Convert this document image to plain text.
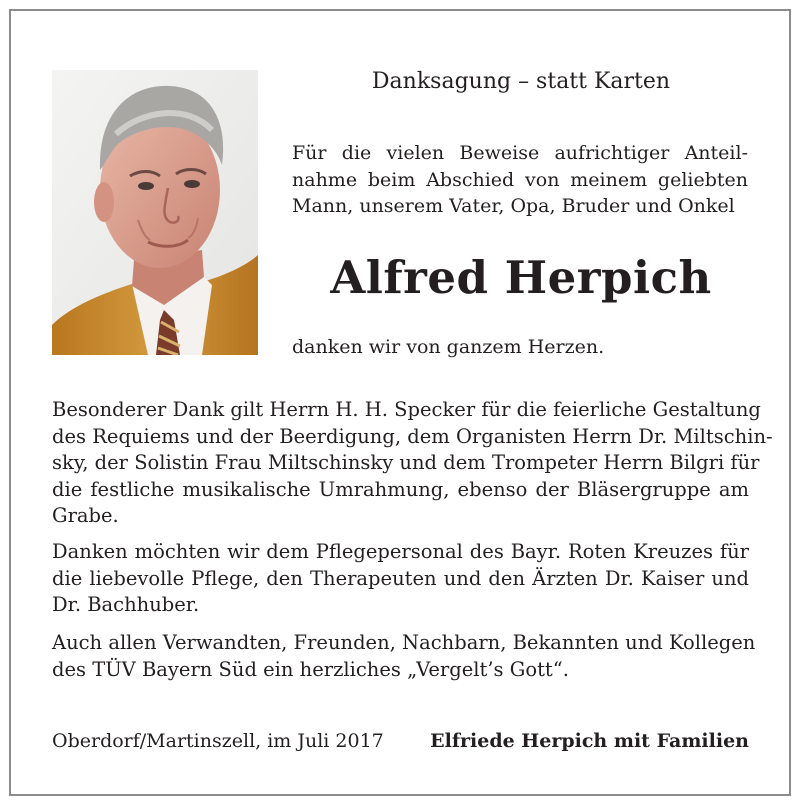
Danksagung – statt Karten
Für die vielen Beweise aufrichtiger Anteil-
nahme beim Abschied von meinem geliebten
Mann, unserem Vater, Opa, Bruder und Onkel
Alfred Herpich
danken wir von ganzem Herzen.
Besonderer Dank gilt Herrn H. H. Specker für die feierliche Gestaltung
des Requiems und der Beerdigung, dem Organisten Herrn Dr. Miltschin-
sky, der Solistin Frau Miltschinsky und dem Trompeter Herrn Bilgri für
die festliche musikalische Umrahmung, ebenso der Bläsergruppe am
Grabe.
Danken möchten wir dem Pflegepersonal des Bayr. Roten Kreuzes für
die liebevolle Pflege, den Therapeuten und den Ärzten Dr. Kaiser und
Dr. Bachhuber.
Auch allen Verwandten, Freunden, Nachbarn, Bekannten und Kollegen
des TÜV Bayern Süd ein herzliches „Vergelt’s Gott“.
Oberdorf/Martinszell, im Juli 2017 Elfriede Herpich mit Familien
